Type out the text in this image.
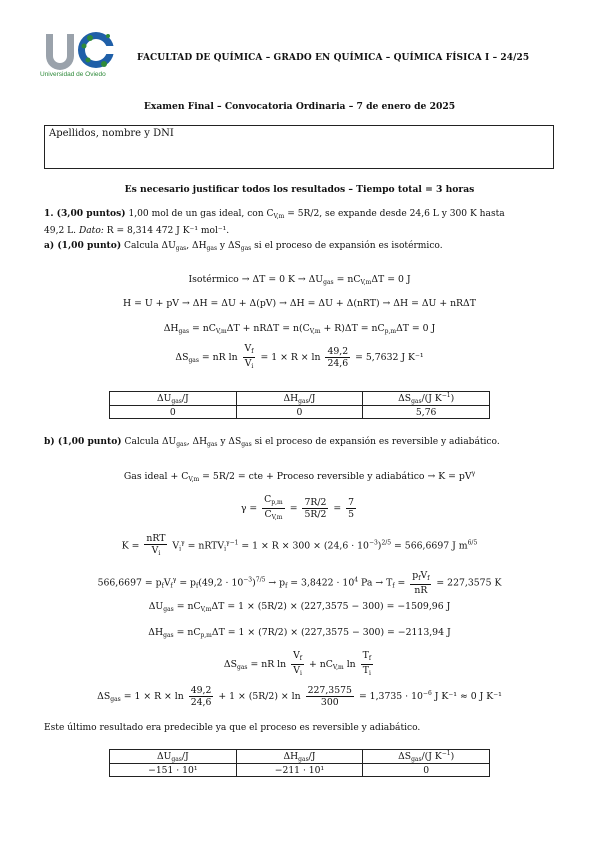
Universidad de Oviedo
FACULTAD DE QUÍMICA – GRADO EN QUÍMICA – QUÍMICA FÍSICA I – 24/25
Examen Final – Convocatoria Ordinaria – 7 de enero de 2025
Apellidos, nombre y DNI
Es necesario justificar todos los resultados – Tiempo total = 3 horas
1. (3,00 puntos) 1,00 mol de un gas ideal, con $C_{V,m} = 5R/2$, se expande desde 24,6 L y 300 K hasta
49,2 L. Dato: R = 8,314 472 J K⁻¹ mol⁻¹.
a) (1,00 punto) Calcula $\Delta U_{gas}$, $\Delta H_{gas}$ y $\Delta S_{gas}$ si el proceso de expansión es isotérmico.
Isotérmico → ΔT = 0 $K \to \Delta U_{gas} = nC_{V,m}\Delta T = 0$ J
H = U + pV → ΔH = ΔU + Δ(pV) → ΔH = ΔU + Δ(nRT) → ΔH = ΔU + nRΔT
$\Delta H_{gas} = nC_{V,m}\Delta T + nR\Delta T = n(C_{V,m} + R)\Delta T = nC_{p,m}\Delta T = 0$ J
$\Delta S_{gas}$ = nR $\ln \frac{V_f}{V_i} = 1 \times R \times \ln \frac{49,2}{24,6} = 5,7632$ J K⁻¹
$\Delta U_{gas}/J$	$\Delta H_{gas}/J$	$\Delta S_{gas}/(J$ $K^{-1}$)
0	0	5,76
b) (1,00 punto) Calcula $\Delta U_{gas}$, $\Delta H_{gas}$ y $\Delta S_{gas}$ si el proceso de expansión es reversible y adiabático.
Gas ideal + $C_{V,m} = 5R/2$ = cte + Proceso reversible y adiabático → $K = pV^\gamma$
$\gamma = \frac{C_{p,m}}{C_{V,m}} = \frac{7R/2}{5R/2} = \frac{7}{5}$
$K = \frac{\text{nRT}}{V_i} V_i^\gamma$ = nRTV$_i^{\gamma-1}$ = $1 \times R \times 300 \times (24,6 \cdot 10^{-3})^{2/5} = 566,6697$ J $m^{6/5}$
$566,6697 = p_fV_f^\gamma = p_f(49,2 \cdot 10^{-3})^{7/5} \to p_f = 3,8422 \cdot 10^4$ $Pa \to T_f = \frac{p_fV_f}{nR} = 227,3575$ K
$\Delta U_{gas} = nC_{V,m}\Delta T = 1 \times (5R/2) \times (227,3575 - 300) = -1509,96$ J
$\Delta H_{gas} = nC_{p,m}\Delta T = 1 \times (7R/2) \times (227,3575 - 300) = -2113,94$ J
$\Delta S_{gas}$ = nR $\ln \frac{V_f}{V_i} + nC_{V,m}$ $\ln \frac{T_f}{T_i}$
$\Delta S_{gas} = 1 \times R \times \ln \frac{49,2}{24,6} + 1 \times (5R/2) \times \ln \frac{227,3575}{300} = 1,3735 \cdot 10^{-6}$ J K⁻¹ ≈ 0 J K⁻¹
Este último resultado era predecible ya que el proceso es reversible y adiabático.
$\Delta U_{gas}/J$	$\Delta H_{gas}/J$	$\Delta S_{gas}/(J$ $K^{-1}$)
−151 · 10¹	−211 · 10¹	0
